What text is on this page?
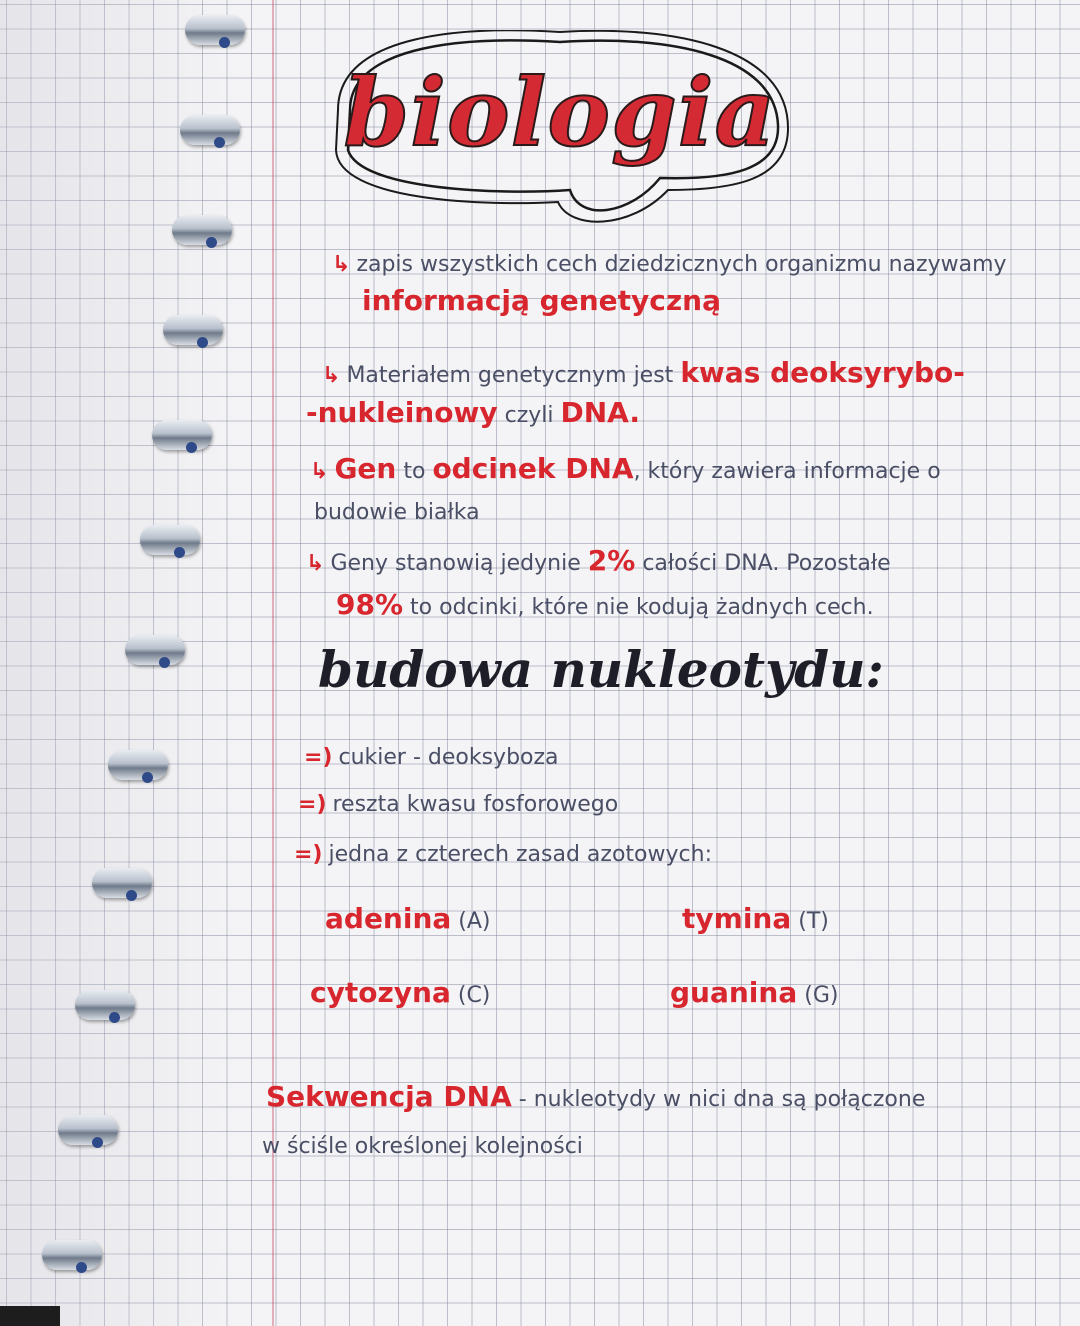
biologia
↳ zapis wszystkich cech dziedzicznych organizmu nazywamy
informacją genetyczną
↳ Materiałem genetycznym jest kwas deoksyrybo-
-nukleinowy czyli DNA.
↳ Gen to odcinek DNA, który zawiera informacje o
budowie białka
↳ Geny stanowią jedynie 2% całości DNA. Pozostałe
98% to odcinki, które nie kodują żadnych cech.
budowa nukleotydu:
=) cukier - deoksyboza
=) reszta kwasu fosforowego
=) jedna z czterech zasad azotowych:
adenina (A)	tymina (T)
cytozyna (C)	guanina (G)
Sekwencja DNA - nukleotydy w nici dna są połączone
w ściśle określonej kolejności
